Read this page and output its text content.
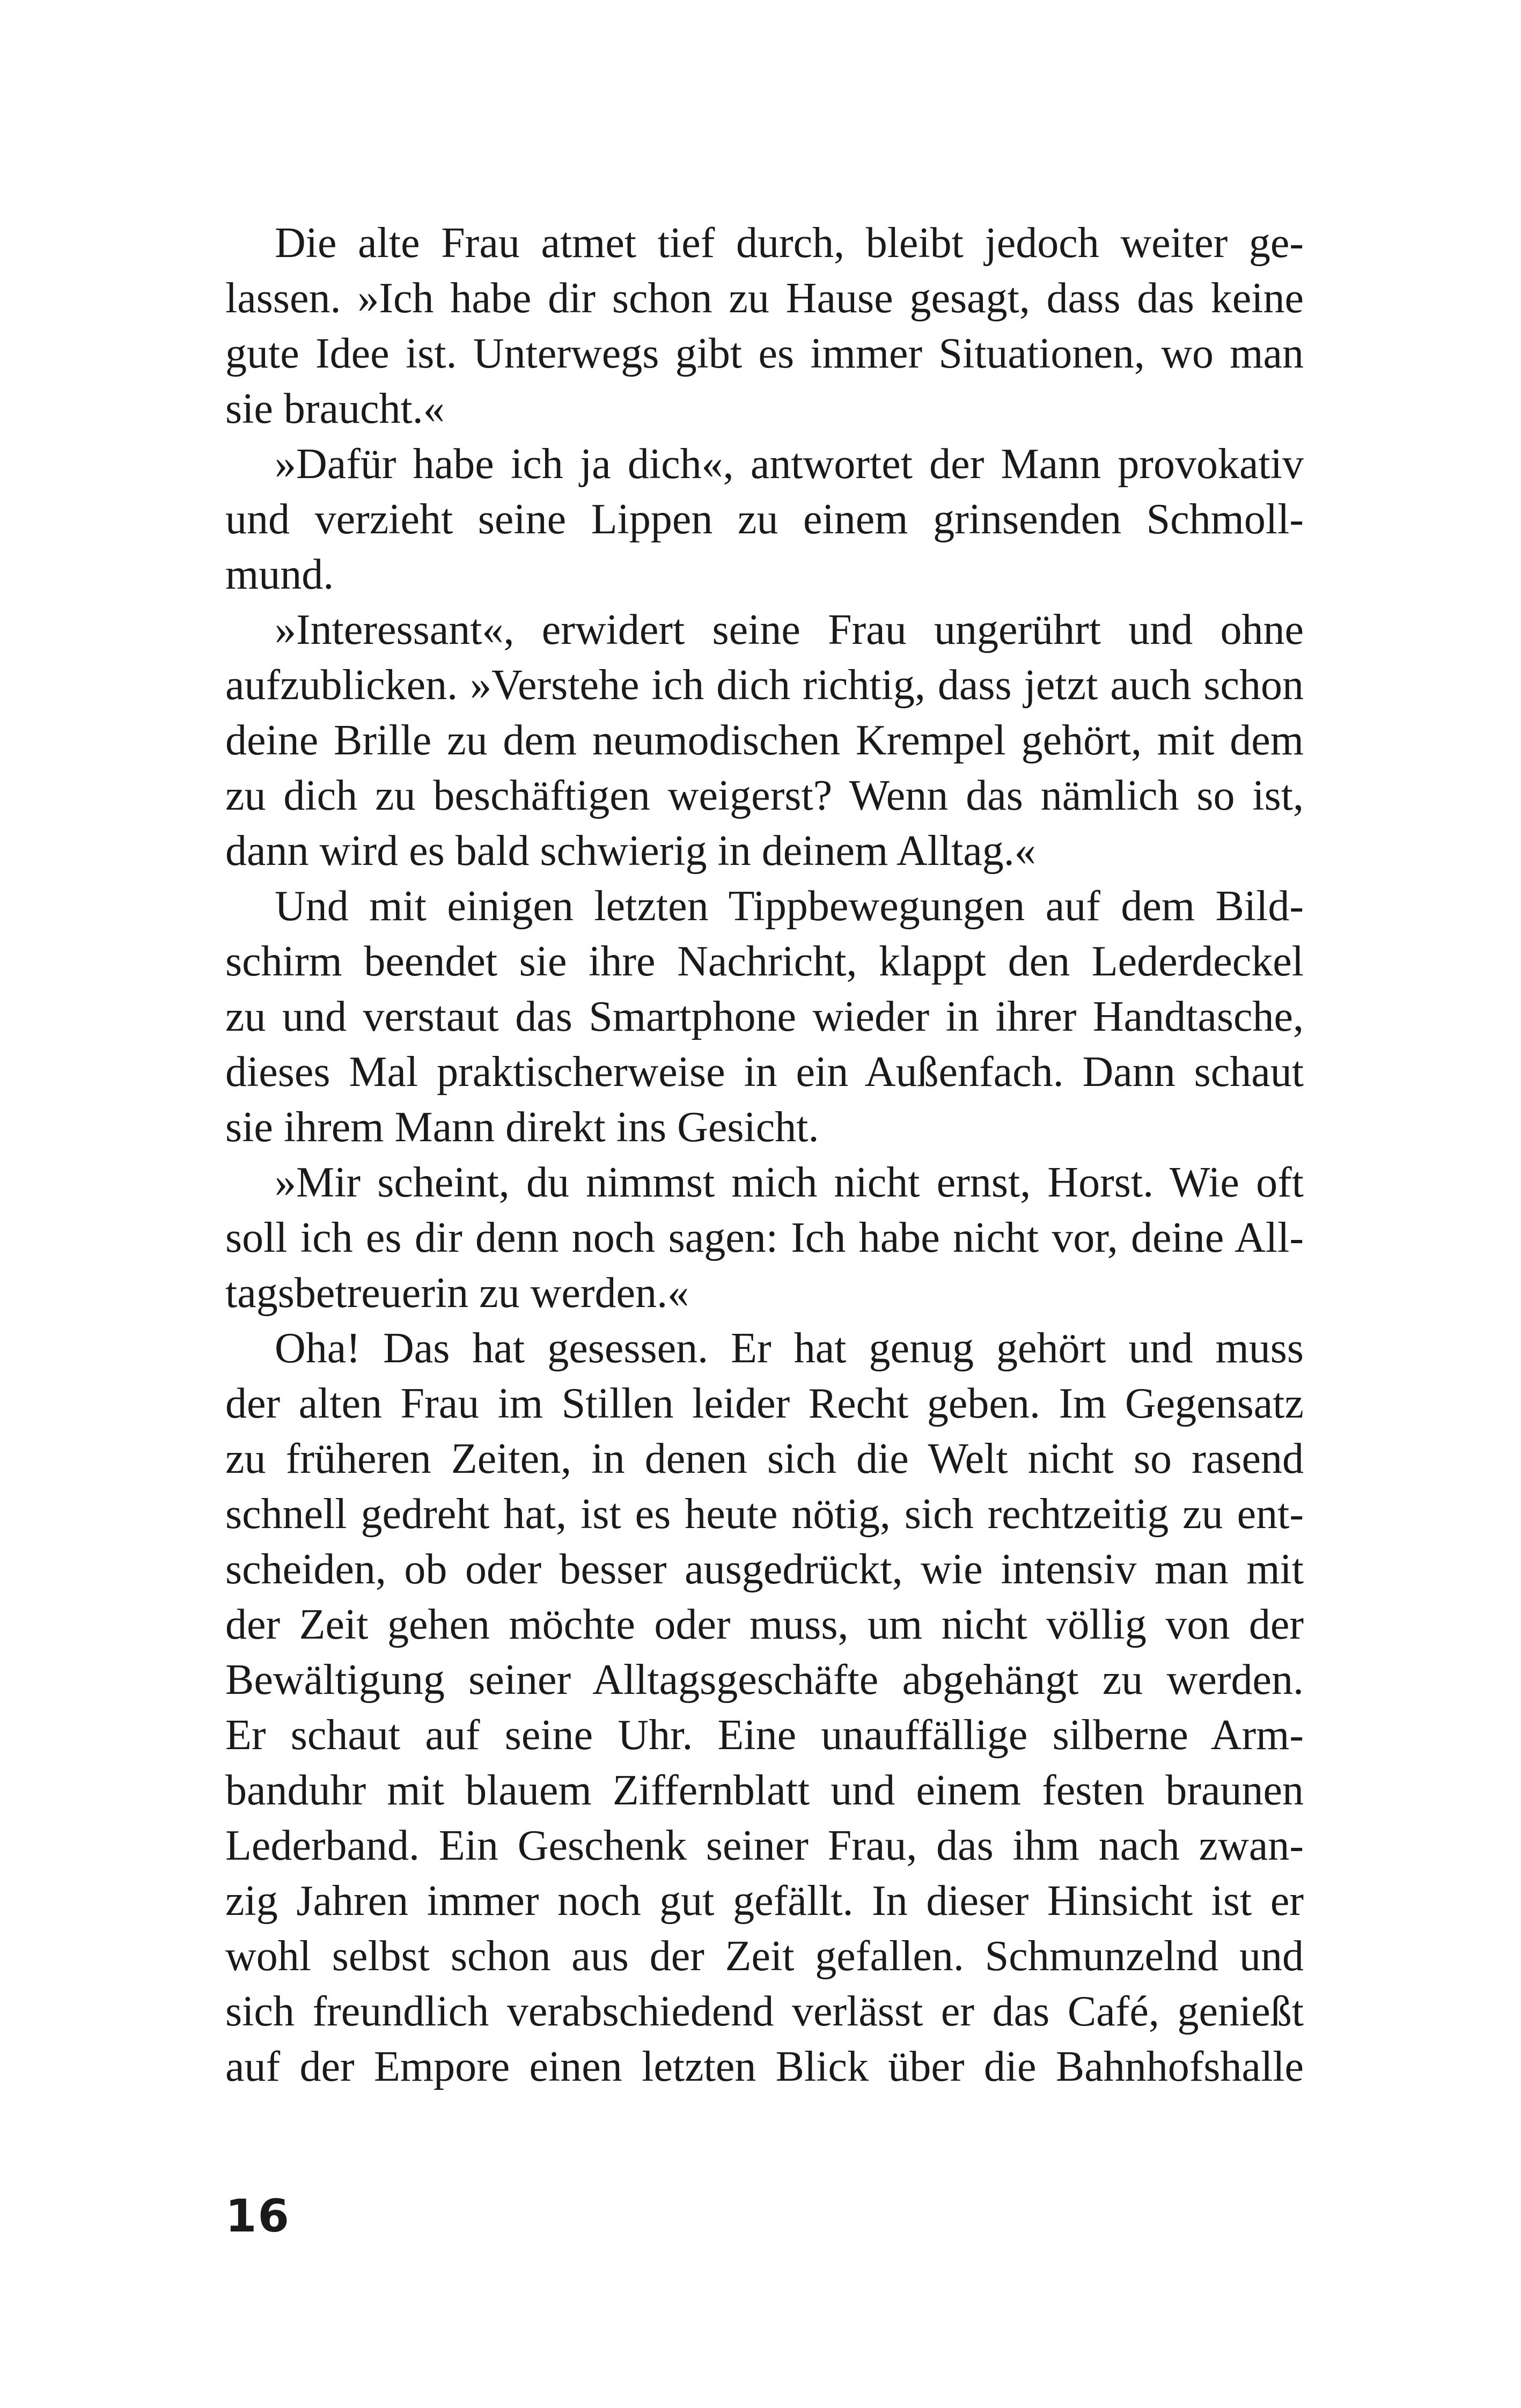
Die alte Frau atmet tief durch, bleibt jedoch weiter ge-
lassen. »Ich habe dir schon zu Hause gesagt, dass das keine
gute Idee ist. Unterwegs gibt es immer Situationen, wo man
sie braucht.«
»Dafür habe ich ja dich«, antwortet der Mann provokativ
und verzieht seine Lippen zu einem grinsenden Schmoll-
mund.
»Interessant«, erwidert seine Frau ungerührt und ohne
aufzublicken. »Verstehe ich dich richtig, dass jetzt auch schon
deine Brille zu dem neumodischen Krempel gehört, mit dem
zu dich zu beschäftigen weigerst? Wenn das nämlich so ist,
dann wird es bald schwierig in deinem Alltag.«
Und mit einigen letzten Tippbewegungen auf dem Bild-
schirm beendet sie ihre Nachricht, klappt den Lederdeckel
zu und verstaut das Smartphone wieder in ihrer Handtasche,
dieses Mal praktischerweise in ein Außenfach. Dann schaut
sie ihrem Mann direkt ins Gesicht.
»Mir scheint, du nimmst mich nicht ernst, Horst. Wie oft
soll ich es dir denn noch sagen: Ich habe nicht vor, deine All-
tagsbetreuerin zu werden.«
Oha! Das hat gesessen. Er hat genug gehört und muss
der alten Frau im Stillen leider Recht geben. Im Gegensatz
zu früheren Zeiten, in denen sich die Welt nicht so rasend
schnell gedreht hat, ist es heute nötig, sich rechtzeitig zu ent-
scheiden, ob oder besser ausgedrückt, wie intensiv man mit
der Zeit gehen möchte oder muss, um nicht völlig von der
Bewältigung seiner Alltagsgeschäfte abgehängt zu werden.
Er schaut auf seine Uhr. Eine unauffällige silberne Arm-
banduhr mit blauem Ziffernblatt und einem festen braunen
Lederband. Ein Geschenk seiner Frau, das ihm nach zwan-
zig Jahren immer noch gut gefällt. In dieser Hinsicht ist er
wohl selbst schon aus der Zeit gefallen. Schmunzelnd und
sich freundlich verabschiedend verlässt er das Café, genießt
auf der Empore einen letzten Blick über die Bahnhofshalle
16
